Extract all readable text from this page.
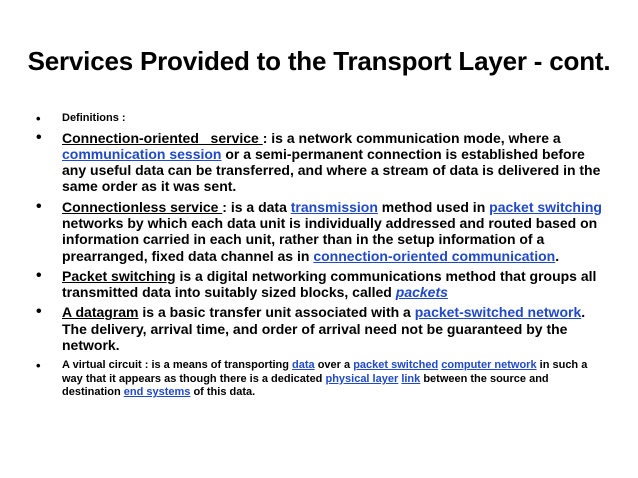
Services Provided to the Transport Layer - cont.
• Definitions :
• Connection-oriented   service : is a network communication mode, where a communication session or a semi-permanent connection is established before any useful data can be transferred, and where a stream of data is delivered in the same order as it was sent.
• Connectionless service : is a data transmission method used in packet switching networks by which each data unit is individually addressed and routed based on information carried in each unit, rather than in the setup information of a prearranged, fixed data channel as in connection-oriented communication.
• Packet switching is a digital networking communications method that groups all transmitted data into suitably sized blocks, called packets
• A datagram is a basic transfer unit associated with a packet-switched network. The delivery, arrival time, and order of arrival need not be guaranteed by the network.
• A virtual circuit : is a means of transporting data over a packet switched computer network in such a way that it appears as though there is a dedicated physical layer link between the source and destination end systems of this data.
